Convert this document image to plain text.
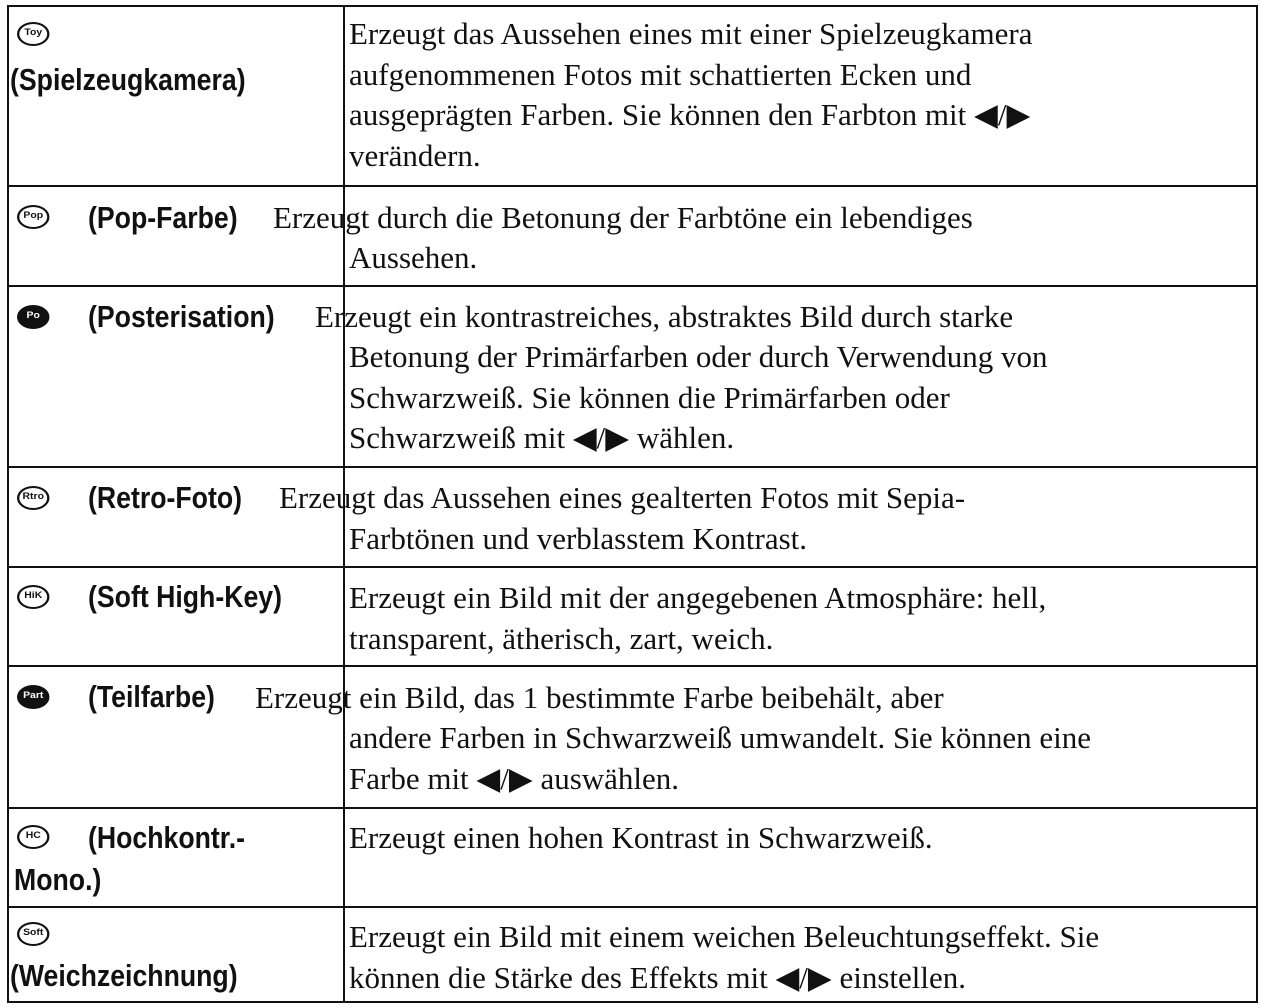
Toy
(Spielzeugkamera)
Erzeugt das Aussehen eines mit einer Spielzeugkamera
aufgenommenen Fotos mit schattierten Ecken und
ausgeprägten Farben. Sie können den Farbton mit ◀/▶
verändern.
Pop (Pop-Farbe) Erzeugt durch die Betonung der Farbtöne ein lebendiges
Aussehen.
Po (Posterisation) Erzeugt ein kontrastreiches, abstraktes Bild durch starke
Betonung der Primärfarben oder durch Verwendung von
Schwarzweiß. Sie können die Primärfarben oder
Schwarzweiß mit ◀/▶ wählen.
Rtro (Retro-Foto) Erzeugt das Aussehen eines gealterten Fotos mit Sepia-
Farbtönen und verblasstem Kontrast.
HiK (Soft High-Key) Erzeugt ein Bild mit der angegebenen Atmosphäre: hell,
transparent, ätherisch, zart, weich.
Part (Teilfarbe) Erzeugt ein Bild, das 1 bestimmte Farbe beibehält, aber
andere Farben in Schwarzweiß umwandelt. Sie können eine
Farbe mit ◀/▶ auswählen.
HC (Hochkontr.-
Mono.)
Erzeugt einen hohen Kontrast in Schwarzweiß.
Soft
(Weichzeichnung)
Erzeugt ein Bild mit einem weichen Beleuchtungseffekt. Sie
können die Stärke des Effekts mit ◀/▶ einstellen.
